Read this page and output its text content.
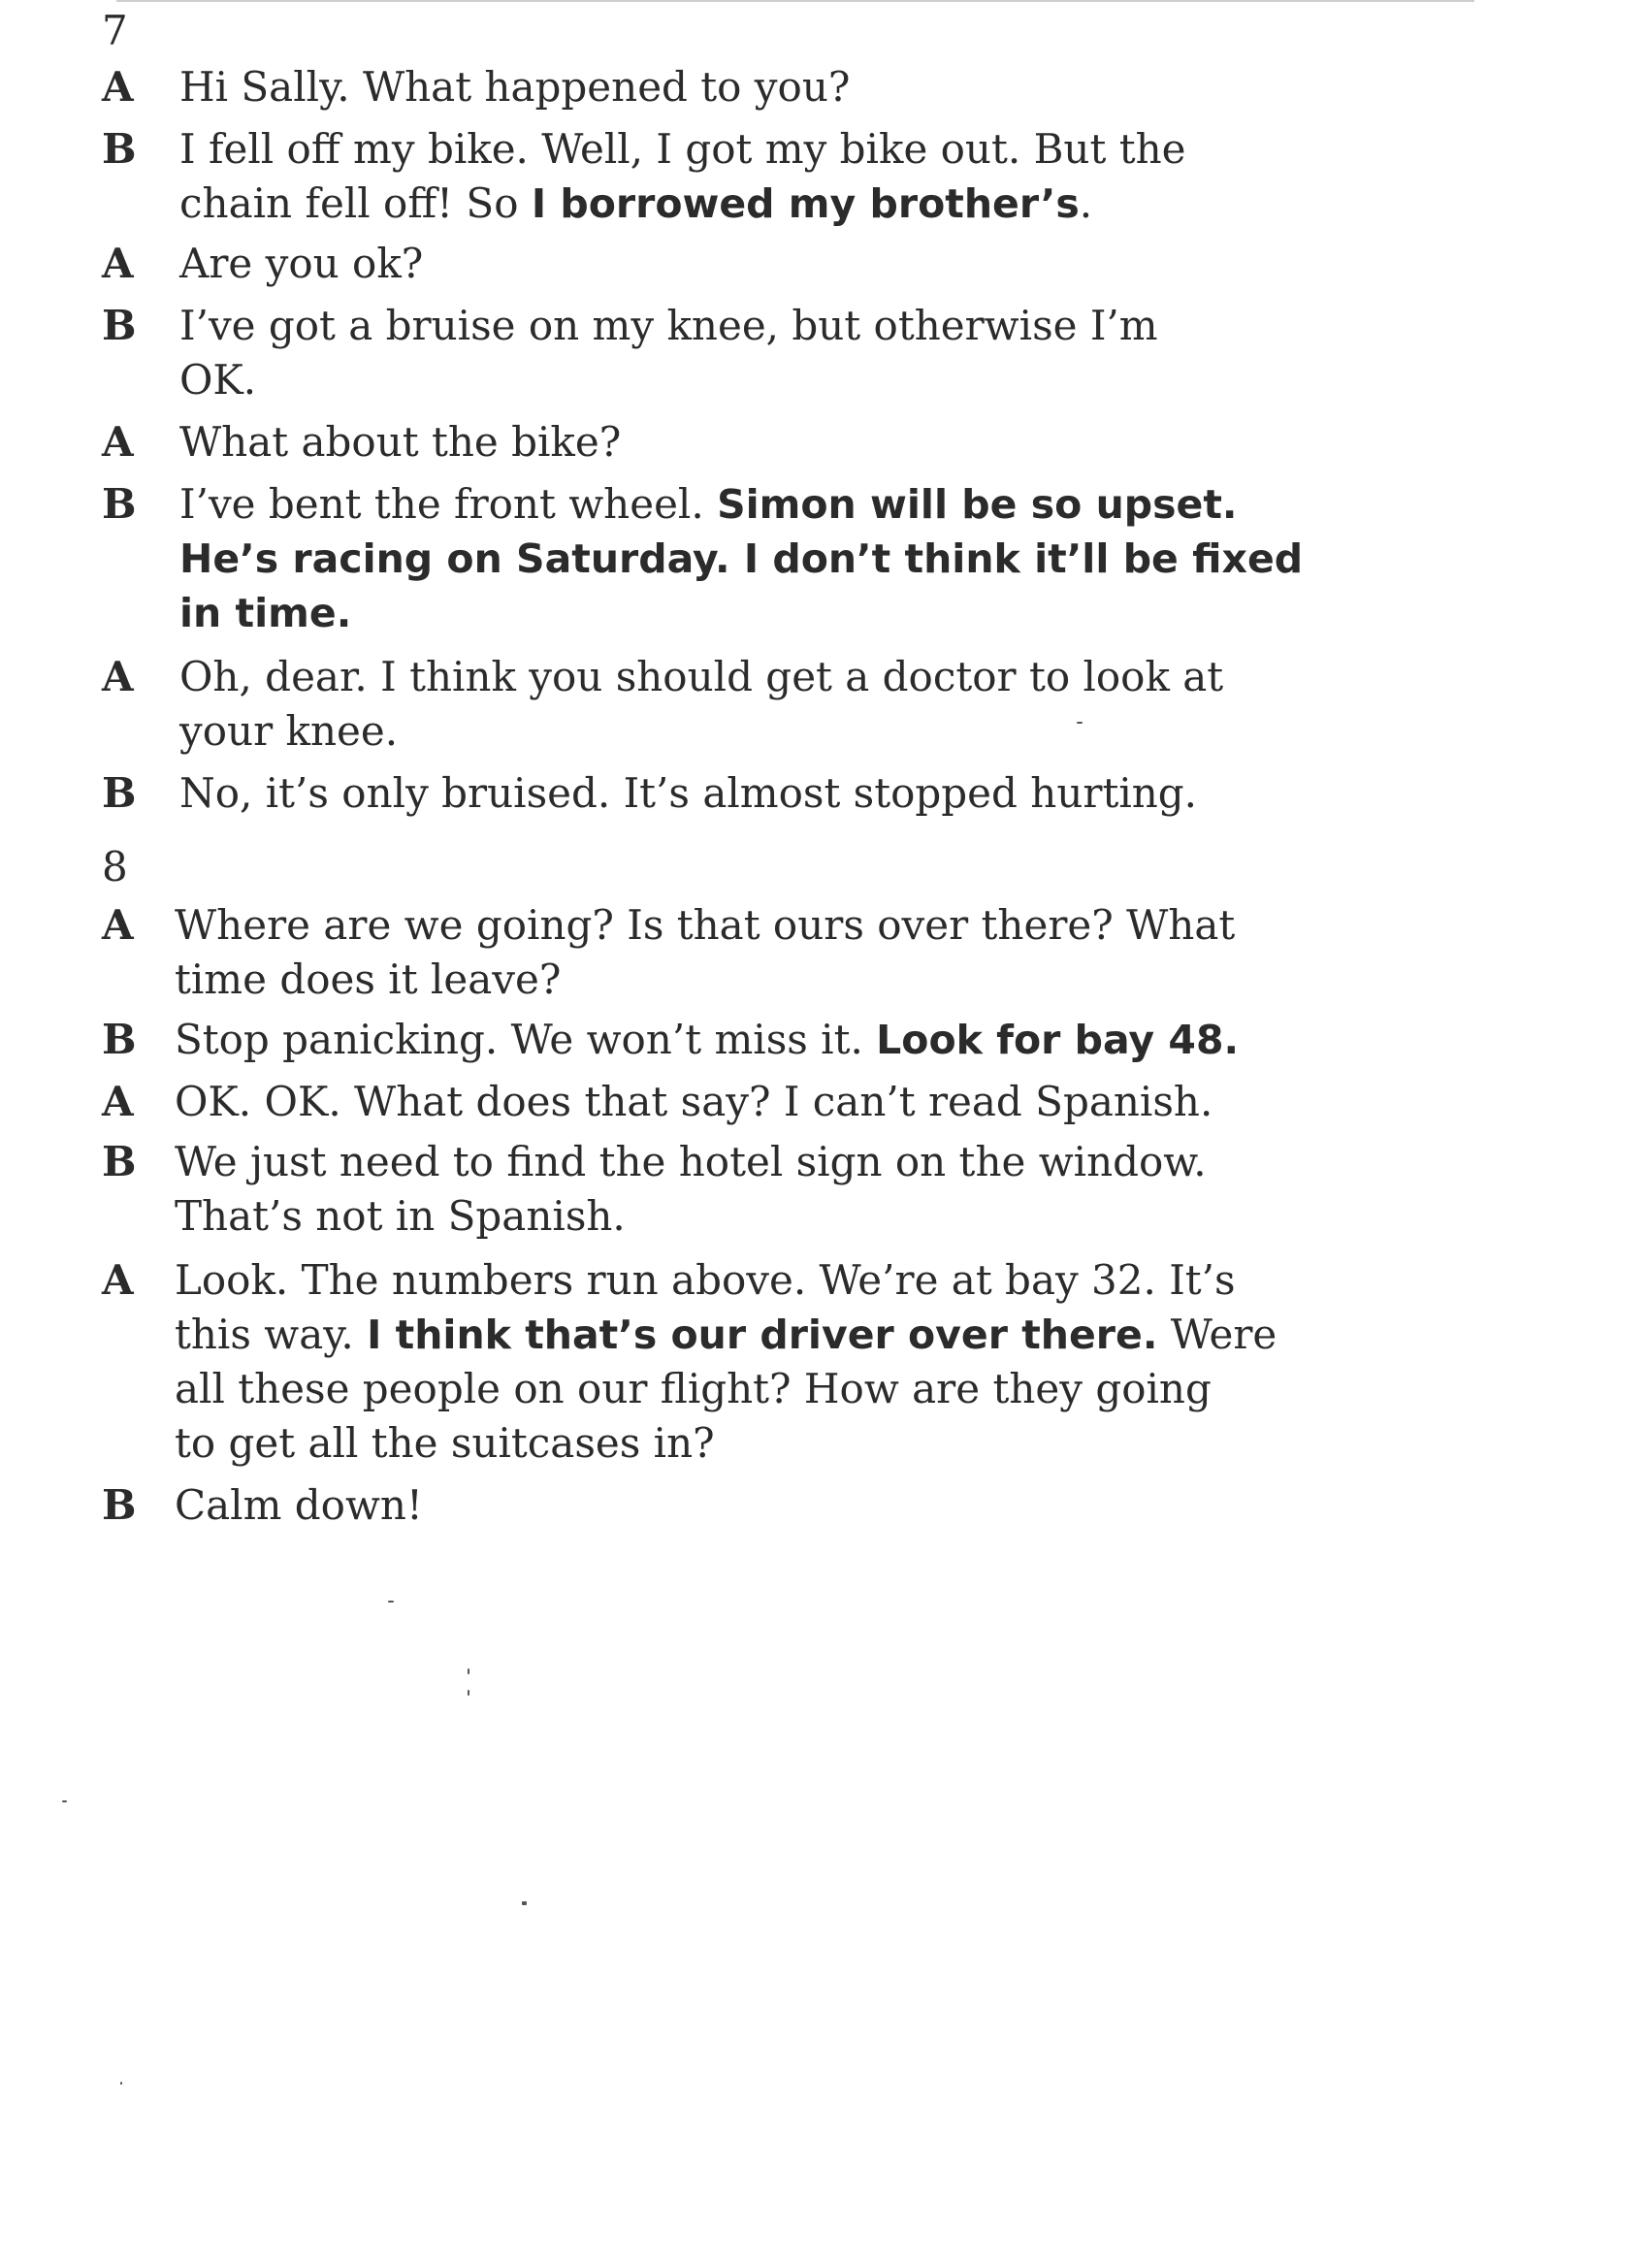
7
A	Hi Sally. What happened to you?
B	I fell off my bike. Well, I got my bike out. But the
chain fell off! So I borrowed my brother’s.
A	Are you ok?
B	I’ve got a bruise on my knee, but otherwise I’m
OK.
A	What about the bike?
B	I’ve bent the front wheel. Simon will be so upset.
He’s racing on Saturday. I don’t think it’ll be fixed
in time.
A	Oh, dear. I think you should get a doctor to look at
your knee.
B	No, it’s only bruised. It’s almost stopped hurting.
8
A	Where are we going? Is that ours over there? What
time does it leave?
B Stop panicking. We won’t miss it. Look for bay 48.
A	OK. OK. What does that say? I can’t read Spanish.
B We just need to find the hotel sign on the window.
That’s not in Spanish.
A	Look. The numbers run above. We’re at bay 32. It’s
this way. I think that’s our driver over there. Were
all these people on our flight? How are they going
to get all the suitcases in?
B Calm down!
